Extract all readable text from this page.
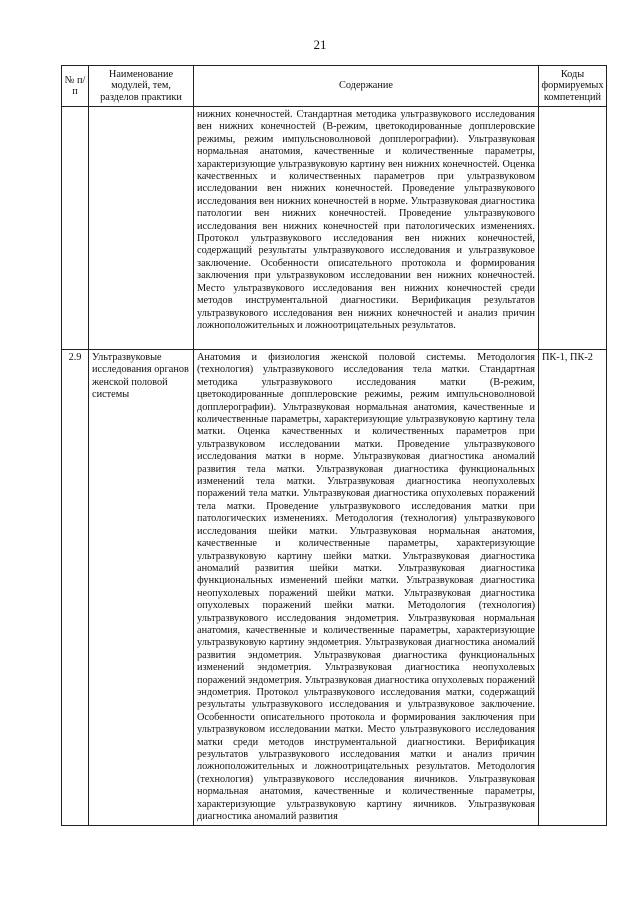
21
№ п/п	Наименование модулей, тем, разделов практики	Содержание	Коды формируемых компетенций
		нижних конечностей. Стандартная методика ультразвукового исследования вен нижних конечностей (В-режим, цветокодированные допплеровские режимы, режим импульсноволновой допплерографии). Ультразвуковая нормальная анатомия, качественные и количественные параметры, характеризующие ультразвуковую картину вен нижних конечностей. Оценка качественных и количественных параметров при ультразвуковом исследовании вен нижних конечностей. Проведение ультразвукового исследования вен нижних конечностей в норме. Ультразвуковая диагностика патологии вен нижних конечностей. Проведение ультразвукового исследования вен нижних конечностей при патологических изменениях. Протокол ультразвукового исследования вен нижних конечностей, содержащий результаты ультразвукового исследования и ультразвуковое заключение. Особенности описательного протокола и формирования заключения при ультразвуковом исследовании вен нижних конечностей. Место ультразвукового исследования вен нижних конечностей среди методов инструментальной диагностики. Верификация результатов ультразвукового исследования вен нижних конечностей и анализ причин ложноположительных и ложноотрицательных результатов.	
2.9	Ультразвуковые исследования органов женской половой системы	Анатомия и физиология женской половой системы. Методология (технология) ультразвукового исследования тела матки. Стандартная методика ультразвукового исследования матки (В-режим, цветокодированные допплеровские режимы, режим импульсноволновой допплерографии). Ультразвуковая нормальная анатомия, качественные и количественные параметры, характеризующие ультразвуковую картину тела матки. Оценка качественных и количественных параметров при ультразвуковом исследовании матки. Проведение ультразвукового исследования матки в норме. Ультразвуковая диагностика аномалий развития тела матки. Ультразвуковая диагностика функциональных изменений тела матки. Ультразвуковая диагностика неопухолевых поражений тела матки. Ультразвуковая диагностика опухолевых поражений тела матки. Проведение ультразвукового исследования матки при патологических изменениях. Методология (технология) ультразвукового исследования шейки матки. Ультразвуковая нормальная анатомия, качественные и количественные параметры, характеризующие ультразвуковую картину шейки матки. Ультразвуковая диагностика аномалий развития шейки матки. Ультразвуковая диагностика функциональных изменений шейки матки. Ультразвуковая диагностика неопухолевых поражений шейки матки. Ультразвуковая диагностика опухолевых поражений шейки матки. Методология (технология) ультразвукового исследования эндометрия. Ультразвуковая нормальная анатомия, качественные и количественные параметры, характеризующие ультразвуковую картину эндометрия. Ультразвуковая диагностика аномалий развития эндометрия. Ультразвуковая диагностика функциональных изменений эндометрия. Ультразвуковая диагностика неопухолевых поражений эндометрия. Ультразвуковая диагностика опухолевых поражений эндометрия. Протокол ультразвукового исследования матки, содержащий результаты ультразвукового исследования и ультразвуковое заключение. Особенности описательного протокола и формирования заключения при ультразвуковом исследовании матки. Место ультразвукового исследования матки среди методов инструментальной диагностики. Верификация результатов ультразвукового исследования матки и анализ причин ложноположительных и ложноотрицательных результатов. Методология (технология) ультразвукового исследования яичников. Ультразвуковая нормальная анатомия, качественные и количественные параметры, характеризующие ультразвуковую картину яичников. Ультразвуковая диагностика аномалий развития	ПК-1, ПК-2
